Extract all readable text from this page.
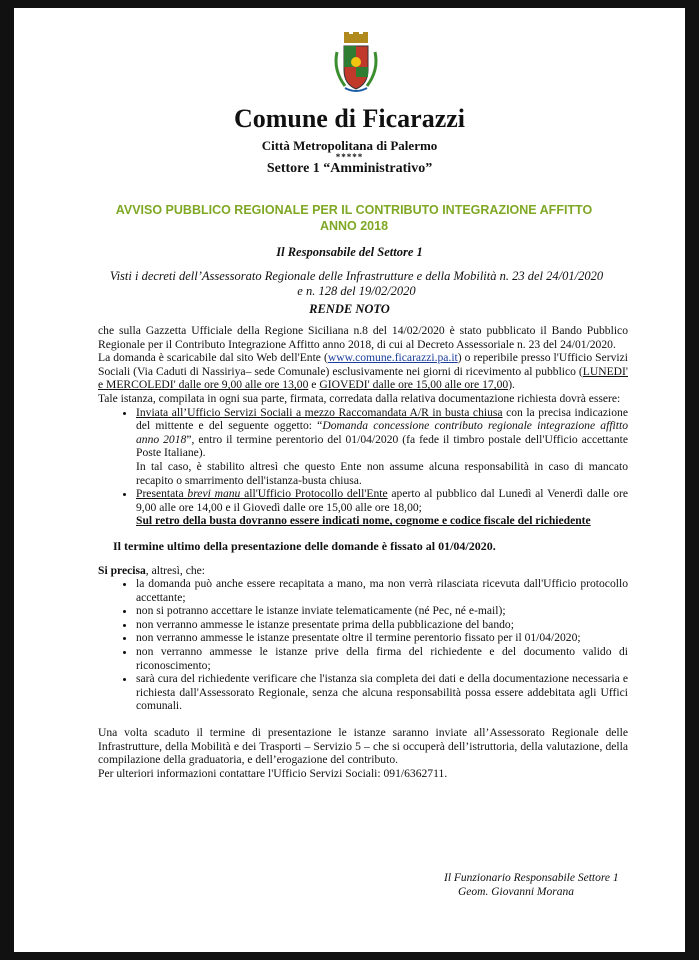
Comune di Ficarazzi
Città Metropolitana di Palermo
*****
Settore 1 “Amministrativo”
AVVISO PUBBLICO REGIONALE PER IL CONTRIBUTO INTEGRAZIONE AFFITTO
ANNO 2018
Il Responsabile del Settore 1
Visti i decreti dell’Assessorato Regionale delle Infrastrutture e della Mobilità n. 23 del 24/01/2020
e n. 128 del 19/02/2020
RENDE NOTO

che sulla Gazzetta Ufficiale della Regione Siciliana n.8 del 14/02/2020 è stato pubblicato il Bando Pubblico Regionale per il Contributo Integrazione Affitto anno 2018, di cui al Decreto Assessoriale n. 23 del 24/01/2020.

La domanda è scaricabile dal sito Web dell'Ente (www.comune.ficarazzi.pa.it) o reperibile presso l'Ufficio Servizi Sociali (Via Caduti di Nassiriya– sede Comunale) esclusivamente nei giorni di ricevimento al pubblico (LUNEDI' e MERCOLEDI' dalle ore 9,00 alle ore 13,00 e GIOVEDI' dalle ore 15,00 alle ore 17,00).

Tale istanza, compilata in ogni sua parte, firmata, corredata dalla relativa documentazione richiesta dovrà essere:

• Inviata all’Ufficio Servizi Sociali a mezzo Raccomandata A/R in busta chiusa con la precisa indicazione del mittente e del seguente oggetto: “Domanda concessione contributo regionale integrazione affitto anno 2018”, entro il termine perentorio del 01/04/2020 (fa fede il timbro postale dell'Ufficio accettante Poste Italiane).
In tal caso, è stabilito altresì che questo Ente non assume alcuna responsabilità in caso di mancato recapito o smarrimento dell'istanza-busta chiusa.
• Presentata brevi manu all'Ufficio Protocollo dell'Ente aperto al pubblico dal Lunedì al Venerdì dalle ore 9,00 alle ore 14,00 e il Giovedì dalle ore 15,00 alle ore 18,00;
Sul retro della busta dovranno essere indicati nome, cognome e codice fiscale del richiedente

Il termine ultimo della presentazione delle domande è fissato al 01/04/2020.

Si precisa, altresì, che:

• la domanda può anche essere recapitata a mano, ma non verrà rilasciata ricevuta dall'Ufficio protocollo accettante;
• non si potranno accettare le istanze inviate telematicamente (né Pec, né e-mail);
• non verranno ammesse le istanze presentate prima della pubblicazione del bando;
• non verranno ammesse le istanze presentate oltre il termine perentorio fissato per il 01/04/2020;
• non verranno ammesse le istanze prive della firma del richiedente e del documento valido di riconoscimento;
• sarà cura del richiedente verificare che l'istanza sia completa dei dati e della documentazione necessaria e richiesta dall'Assessorato Regionale, senza che alcuna responsabilità possa essere addebitata agli Uffici comunali.

Una volta scaduto il termine di presentazione le istanze saranno inviate all’Assessorato Regionale delle Infrastrutture, della Mobilità e dei Trasporti – Servizio 5 – che si occuperà dell’istruttoria, della valutazione, della compilazione della graduatoria, e dell’erogazione del contributo.

Per ulteriori informazioni contattare l'Ufficio Servizi Sociali: 091/6362711.

Il Funzionario Responsabile Settore 1
Geom. Giovanni Morana
